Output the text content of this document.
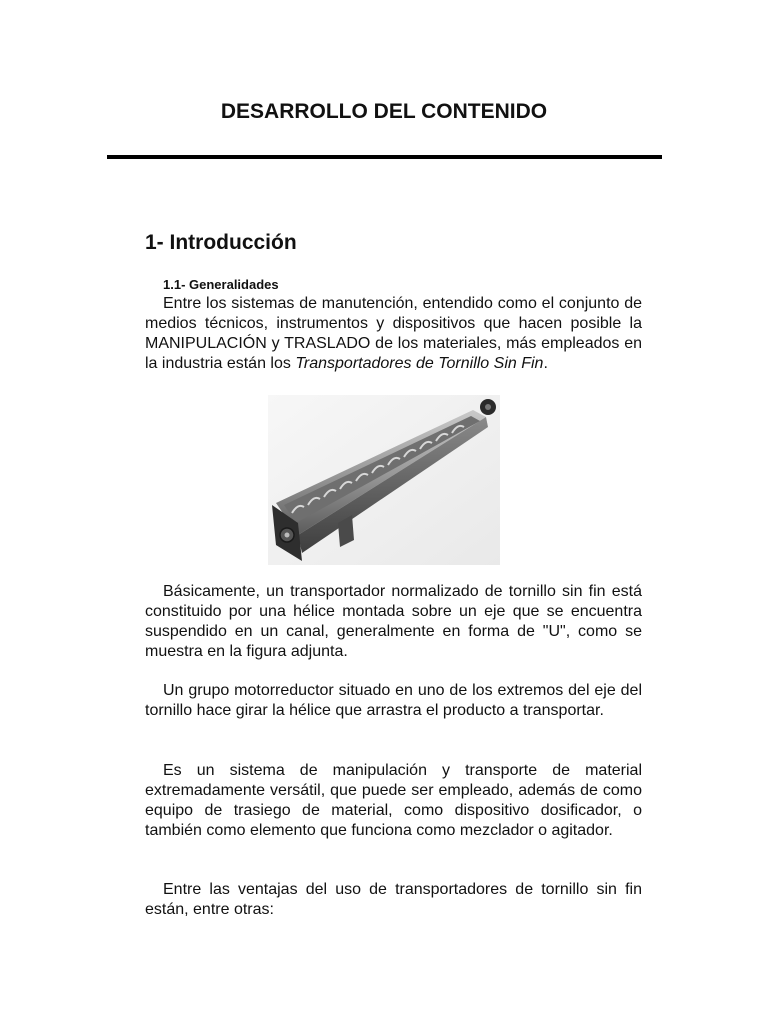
DESARROLLO DEL CONTENIDO
1- Introducción
1.1- Generalidades

Entre los sistemas de manutención, entendido como el conjunto de medios técnicos, instrumentos y dispositivos que hacen posible la MANIPULACIÓN y TRASLADO de los materiales, más empleados en la industria están los Transportadores de Tornillo Sin Fin.

Básicamente, un transportador normalizado de tornillo sin fin está constituido por una hélice montada sobre un eje que se encuentra suspendido en un canal, generalmente en forma de "U", como se muestra en la figura adjunta.

Un grupo motorreductor situado en uno de los extremos del eje del tornillo hace girar la hélice que arrastra el producto a transportar.

Es un sistema de manipulación y transporte de material extremadamente versátil, que puede ser empleado, además de como equipo de trasiego de material, como dispositivo dosificador, o también como elemento que funciona como mezclador o agitador.

Entre las ventajas del uso de transportadores de tornillo sin fin están, entre otras:
